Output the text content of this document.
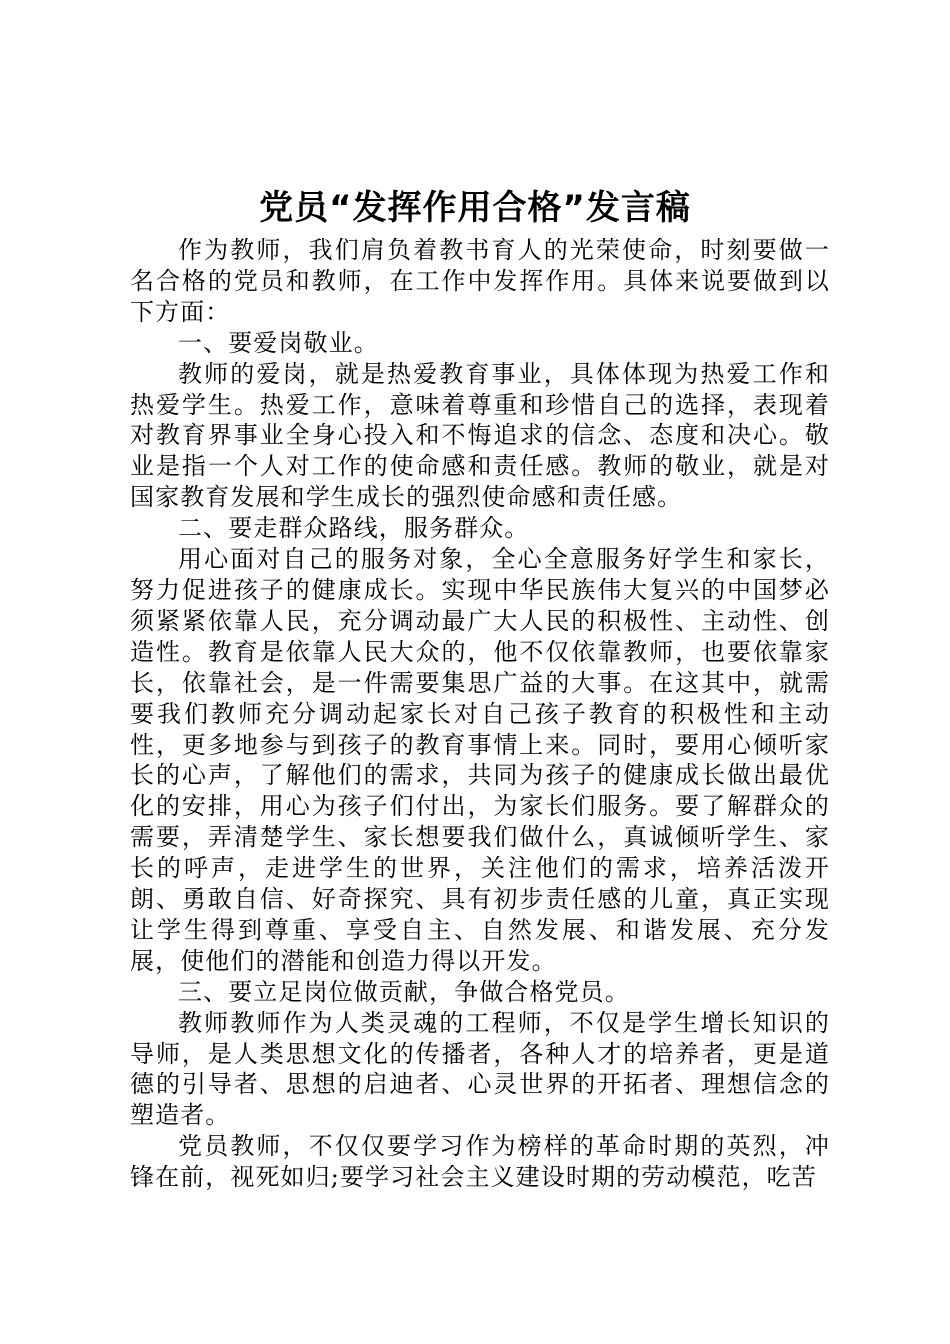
党员“发挥作用合格”发言稿

作为教师，我们肩负着教书育人的光荣使命，时刻要做一名合格的党员和教师，在工作中发挥作用。具体来说要做到以下方面：

一、要爱岗敬业。

教师的爱岗，就是热爱教育事业，具体体现为热爱工作和热爱学生。热爱工作，意味着尊重和珍惜自己的选择，表现着对教育界事业全身心投入和不悔追求的信念、态度和决心。敬业是指一个人对工作的使命感和责任感。教师的敬业，就是对国家教育发展和学生成长的强烈使命感和责任感。

二、要走群众路线，服务群众。

用心面对自己的服务对象，全心全意服务好学生和家长，努力促进孩子的健康成长。实现中华民族伟大复兴的中国梦必须紧紧依靠人民，充分调动最广大人民的积极性、主动性、创造性。教育是依靠人民大众的，他不仅依靠教师，也要依靠家长，依靠社会，是一件需要集思广益的大事。在这其中，就需要我们教师充分调动起家长对自己孩子教育的积极性和主动性，更多地参与到孩子的教育事情上来。同时，要用心倾听家长的心声，了解他们的需求，共同为孩子的健康成长做出最优化的安排，用心为孩子们付出，为家长们服务。要了解群众的需要，弄清楚学生、家长想要我们做什么，真诚倾听学生、家长的呼声，走进学生的世界，关注他们的需求，培养活泼开朗、勇敢自信、好奇探究、具有初步责任感的儿童，真正实现让学生得到尊重、享受自主、自然发展、和谐发展、充分发展，使他们的潜能和创造力得以开发。

三、要立足岗位做贡献，争做合格党员。

教师教师作为人类灵魂的工程师，不仅是学生增长知识的导师，是人类思想文化的传播者，各种人才的培养者，更是道德的引导者、思想的启迪者、心灵世界的开拓者、理想信念的塑造者。

党员教师，不仅仅要学习作为榜样的革命时期的英烈，冲锋在前，视死如归;要学习社会主义建设时期的劳动模范，吃苦
